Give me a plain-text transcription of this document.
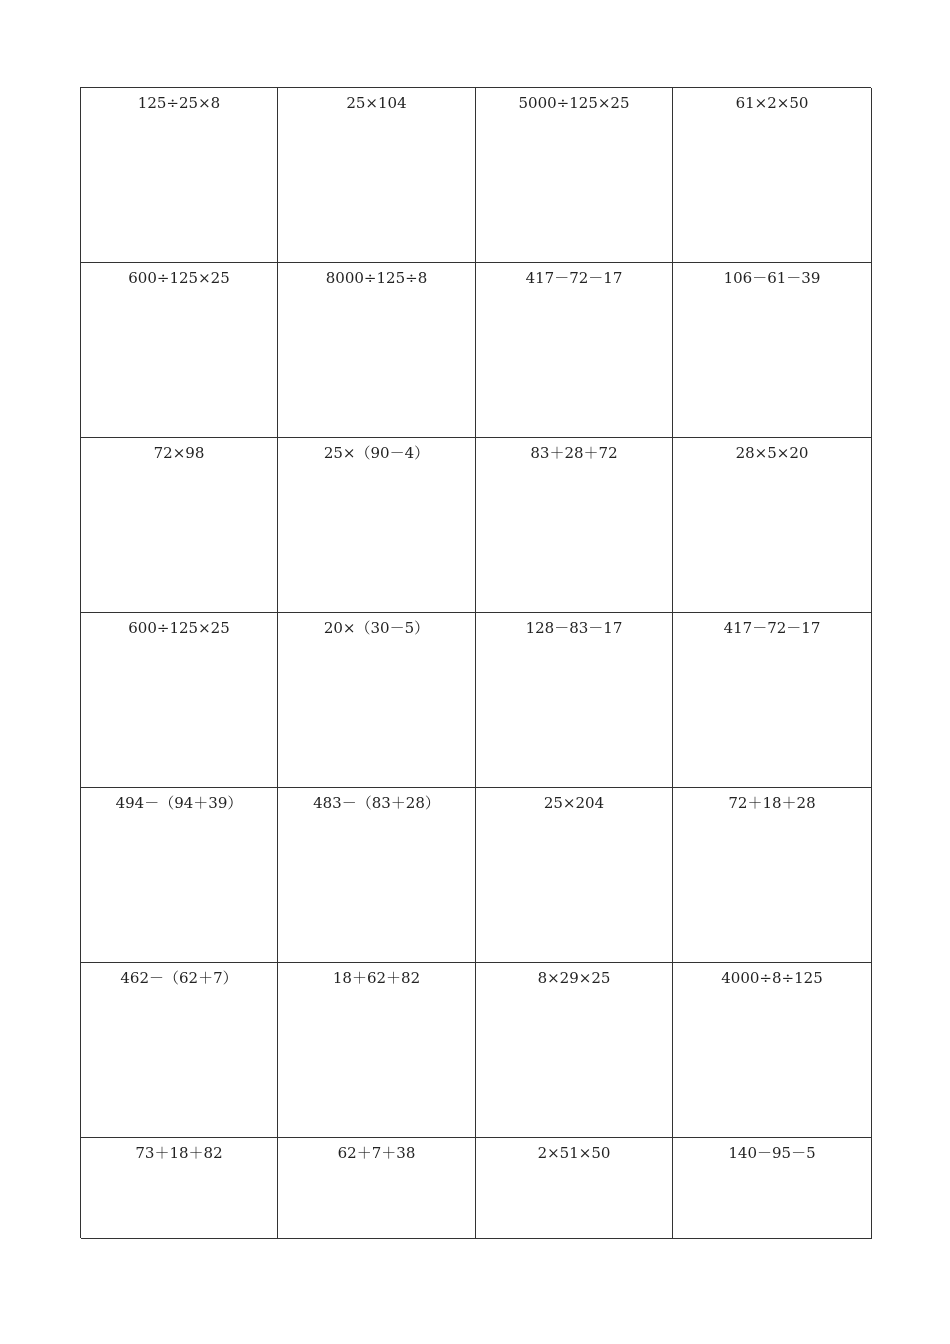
125÷25×8	25×104	5000÷125×25	61×2×50
600÷125×25	8000÷125÷8	417－72－17	106－61－39
72×98	25×（90－4）	83＋28＋72	28×5×20
600÷125×25	20×（30－5）	128－83－17	417－72－17
494－（94＋39）	483－（83＋28）	25×204	72＋18＋28
462－（62＋7）	18＋62＋82	8×29×25	4000÷8÷125
73＋18＋82	62＋7＋38	2×51×50	140－95－5
